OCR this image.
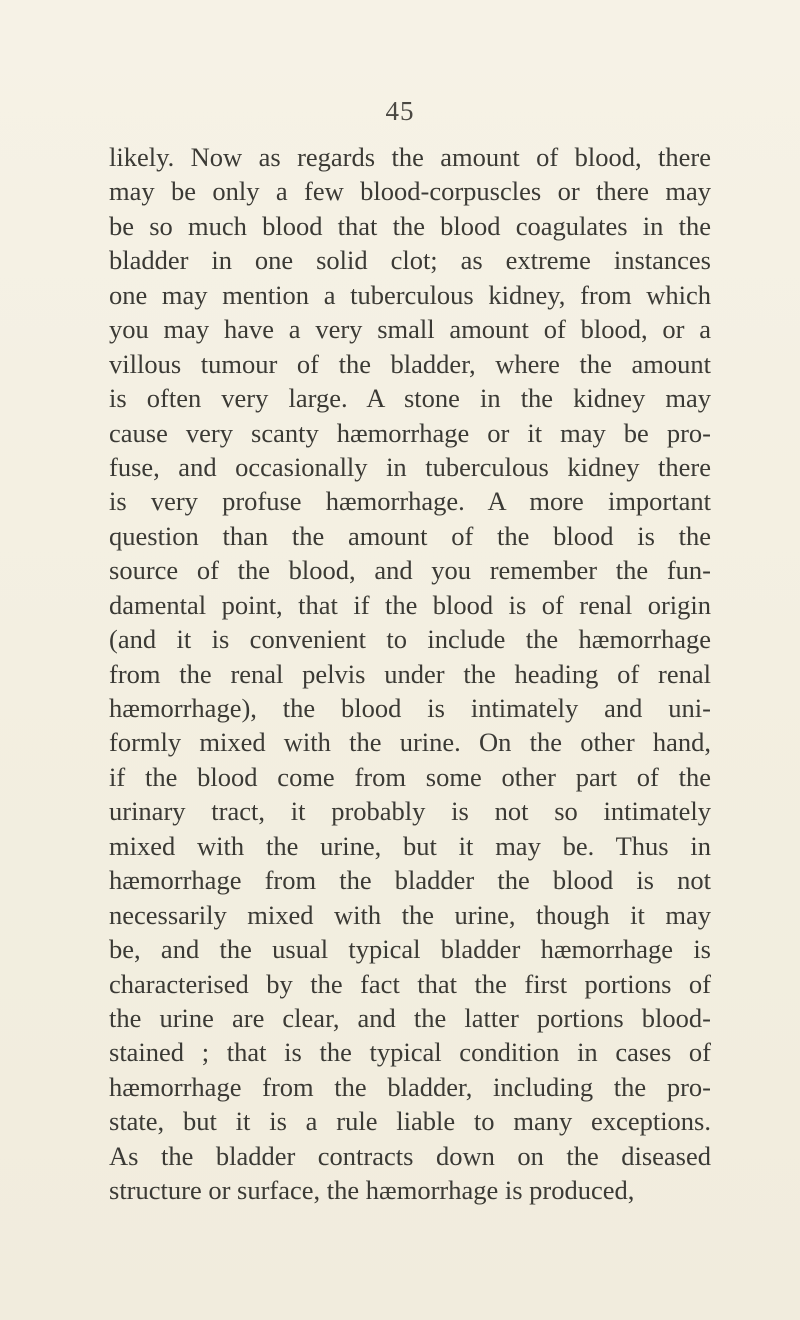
45
likely. Now as regards the amount of blood, there
may be only a few blood-corpuscles or there may
be so much blood that the blood coagulates in the
bladder in one solid clot; as extreme instances
one may mention a tuberculous kidney, from which
you may have a very small amount of blood, or a
villous tumour of the bladder, where the amount
is often very large. A stone in the kidney may
cause very scanty hæmorrhage or it may be pro-
fuse, and occasionally in tuberculous kidney there
is very profuse hæmorrhage. A more important
question than the amount of the blood is the
source of the blood, and you remember the fun-
damental point, that if the blood is of renal origin
(and it is convenient to include the hæmorrhage
from the renal pelvis under the heading of renal
hæmorrhage), the blood is intimately and uni-
formly mixed with the urine. On the other hand,
if the blood come from some other part of the
urinary tract, it probably is not so intimately
mixed with the urine, but it may be. Thus in
hæmorrhage from the bladder the blood is not
necessarily mixed with the urine, though it may
be, and the usual typical bladder hæmorrhage is
characterised by the fact that the first portions of
the urine are clear, and the latter portions blood-
stained ; that is the typical condition in cases of
hæmorrhage from the bladder, including the pro-
state, but it is a rule liable to many exceptions.
As the bladder contracts down on the diseased
structure or surface, the hæmorrhage is produced,
